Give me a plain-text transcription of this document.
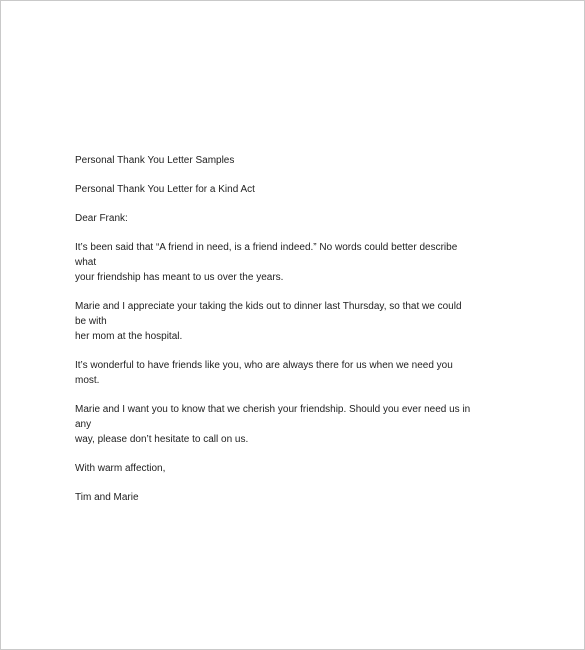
Personal Thank You Letter Samples

Personal Thank You Letter for a Kind Act

Dear Frank:

It’s been said that “A friend in need, is a friend indeed.” No words could better describe what
your friendship has meant to us over the years.

Marie and I appreciate your taking the kids out to dinner last Thursday, so that we could be with
her mom at the hospital.

It’s wonderful to have friends like you, who are always there for us when we need you most.

Marie and I want you to know that we cherish your friendship. Should you ever need us in any
way, please don’t hesitate to call on us.

With warm affection,

Tim and Marie
